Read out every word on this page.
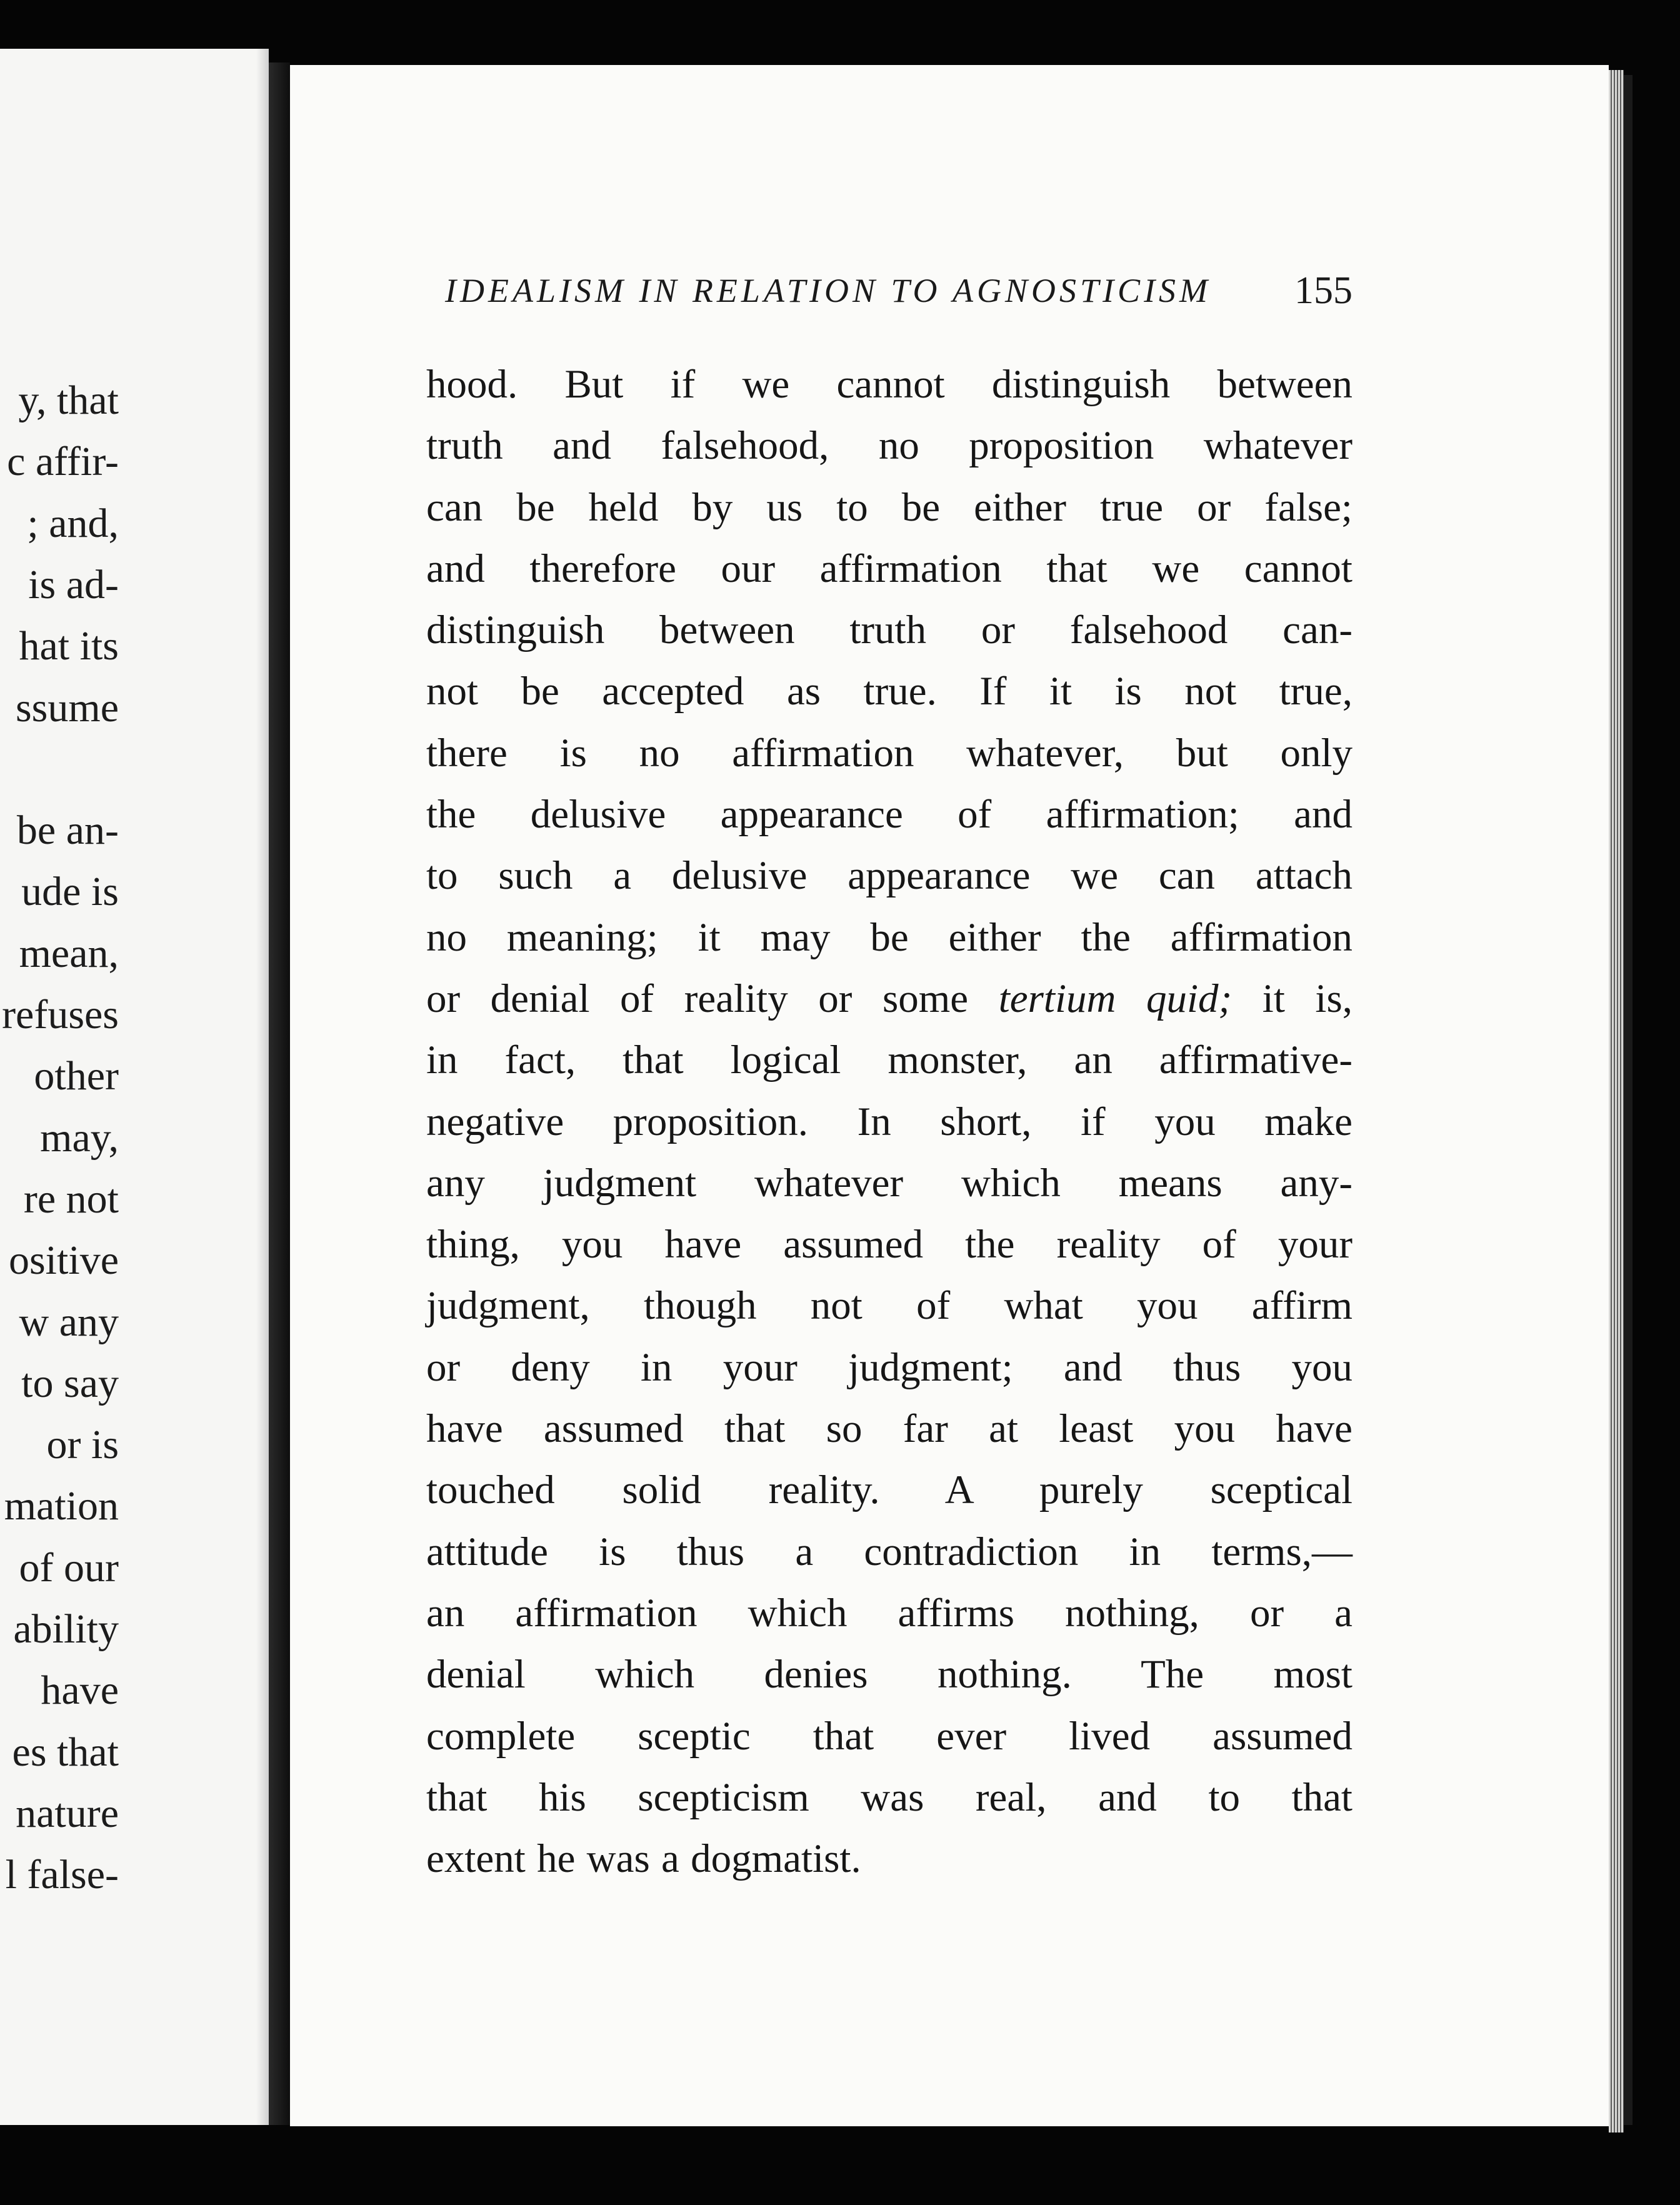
y, that
c affir-
; and,
is ad-
hat its
ssume
be an-
ude is
mean,
refuses
other
may,
re not
ositive
w any
to say
or is
mation
of our
ability
have
es that
nature
l false-
IDEALISM IN RELATION TO AGNOSTICISM 155
hood. But if we cannot distinguish between
truth and falsehood, no proposition whatever
can be held by us to be either true or false;
and therefore our affirmation that we cannot
distinguish between truth or falsehood can-
not be accepted as true. If it is not true,
there is no affirmation whatever, but only
the delusive appearance of affirmation; and
to such a delusive appearance we can attach
no meaning; it may be either the affirmation
or denial of reality or some tertium quid; it is,
in fact, that logical monster, an affirmative-
negative proposition. In short, if you make
any judgment whatever which means any-
thing, you have assumed the reality of your
judgment, though not of what you affirm
or deny in your judgment; and thus you
have assumed that so far at least you have
touched solid reality. A purely sceptical
attitude is thus a contradiction in terms,—
an affirmation which affirms nothing, or a
denial which denies nothing. The most
complete sceptic that ever lived assumed
that his scepticism was real, and to that
extent he was a dogmatist.
